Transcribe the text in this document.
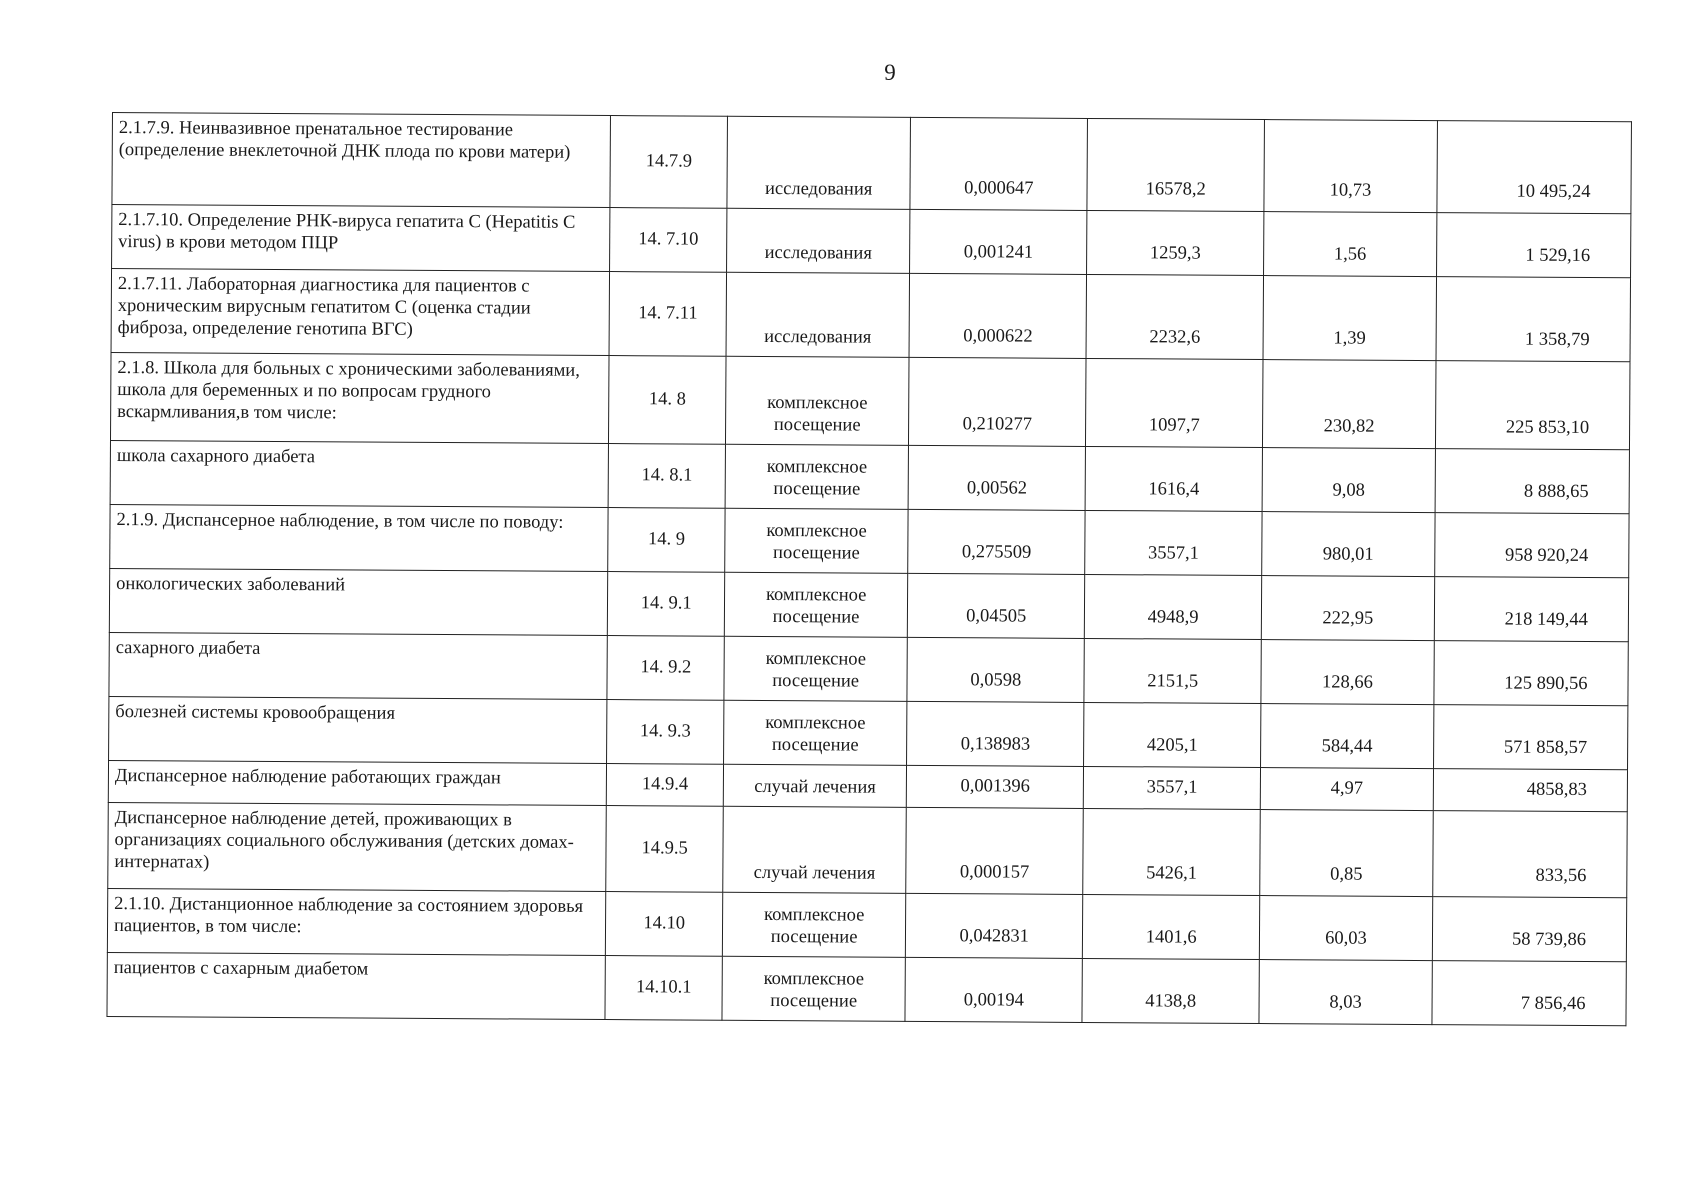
9
2.1.7.9. Неинвазивное пренатальное тестирование (определение внеклеточной ДНК плода по крови матери)	14.7.9	исследования	0,000647	16578,2	10,73	10 495,24
2.1.7.10. Определение РНК-вируса гепатита C (Hepatitis C virus) в крови методом ПЦР	14. 7.10	исследования	0,001241	1259,3	1,56	1 529,16
2.1.7.11. Лабораторная диагностика для пациентов с хроническим вирусным гепатитом С (оценка стадии фиброза, определение генотипа ВГС)	14. 7.11	исследования	0,000622	2232,6	1,39	1 358,79
2.1.8. Школа для больных с хроническими заболеваниями, школа для беременных и по вопросам грудного вскармливания,в том числе:	14. 8	комплексное посещение	0,210277	1097,7	230,82	225 853,10
школа сахарного диабета	14. 8.1	комплексное посещение	0,00562	1616,4	9,08	8 888,65
2.1.9. Диспансерное наблюдение, в том числе по поводу:	14. 9	комплексное посещение	0,275509	3557,1	980,01	958 920,24
онкологических заболеваний	14. 9.1	комплексное посещение	0,04505	4948,9	222,95	218 149,44
сахарного диабета	14. 9.2	комплексное посещение	0,0598	2151,5	128,66	125 890,56
болезней системы кровообращения	14. 9.3	комплексное посещение	0,138983	4205,1	584,44	571 858,57
Диспансерное наблюдение работающих граждан	14.9.4	случай лечения	0,001396	3557,1	4,97	4858,83
Диспансерное наблюдение детей, проживающих в организациях социального обслуживания (детских домах- интернатах)	14.9.5	случай лечения	0,000157	5426,1	0,85	833,56
2.1.10. Дистанционное наблюдение за состоянием здоровья пациентов, в том числе:	14.10	комплексное посещение	0,042831	1401,6	60,03	58 739,86
пациентов с сахарным диабетом	14.10.1	комплексное посещение	0,00194	4138,8	8,03	7 856,46
